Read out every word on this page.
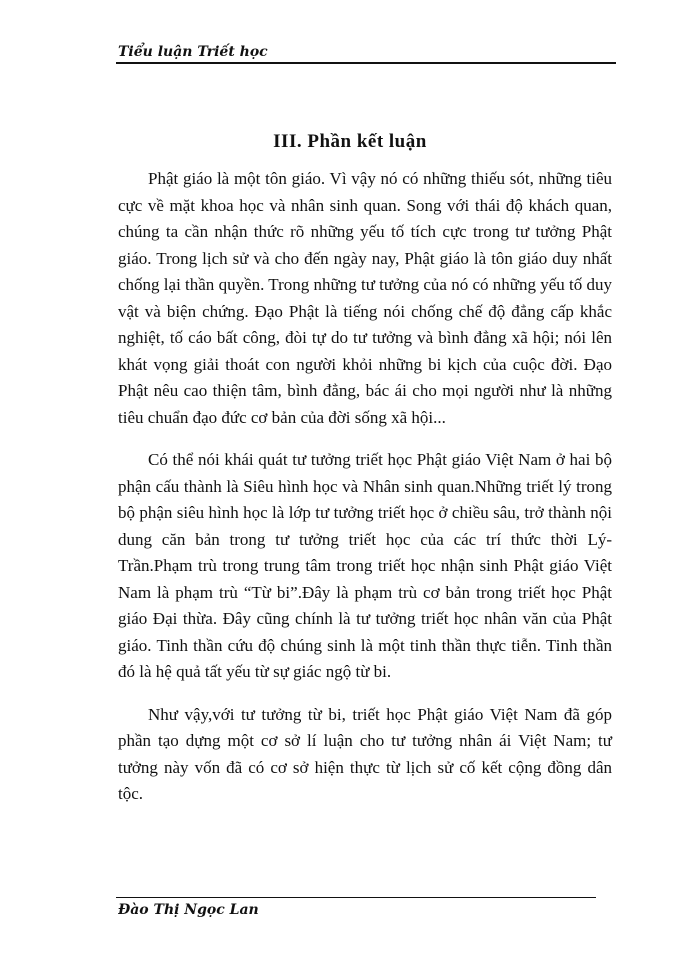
Tiểu luận Triết học
III. Phần kết luận

Phật giáo là một tôn giáo. Vì vậy nó có những thiếu sót, những tiêu cực về mặt khoa học và nhân sinh quan. Song với thái độ khách quan, chúng ta cần nhận thức rõ những yếu tố tích cực trong tư tưởng Phật giáo. Trong lịch sử và cho đến ngày nay, Phật giáo là tôn giáo duy nhất chống lại thần quyền. Trong những tư tưởng của nó có những yếu tố duy vật và biện chứng. Đạo Phật là tiếng nói chống chế độ đẳng cấp khắc nghiệt, tố cáo bất công, đòi tự do tư tưởng và bình đẳng xã hội; nói lên khát vọng giải thoát con người khỏi những bi kịch của cuộc đời. Đạo Phật nêu cao thiện tâm, bình đẳng, bác ái cho mọi người như là những tiêu chuẩn đạo đức cơ bản của đời sống xã hội...

Có thể nói khái quát tư tưởng triết học Phật giáo Việt Nam ở hai bộ phận cấu thành là Siêu hình học và Nhân sinh quan.Những triết lý trong bộ phận siêu hình học là lớp tư tưởng triết học ở chiều sâu, trở thành nội dung căn bản trong tư tưởng triết học của các trí thức thời Lý- Trần.Phạm trù trong trung tâm trong triết học nhận sinh Phật giáo Việt Nam là phạm trù “Từ bi”.Đây là phạm trù cơ bản trong triết học Phật giáo Đại thừa. Đây cũng chính là tư tưởng triết học nhân văn của Phật giáo. Tinh thần cứu độ chúng sinh là một tinh thần thực tiễn. Tinh thần đó là hệ quả tất yếu từ sự giác ngộ từ bi.

Như vậy,với tư tưởng từ bi, triết học Phật giáo Việt Nam đã góp phần tạo dựng một cơ sở lí luận cho tư tưởng nhân ái Việt Nam; tư tưởng này vốn đã có cơ sở hiện thực từ lịch sử cố kết cộng đồng dân tộc.

Đào Thị Ngọc Lan
